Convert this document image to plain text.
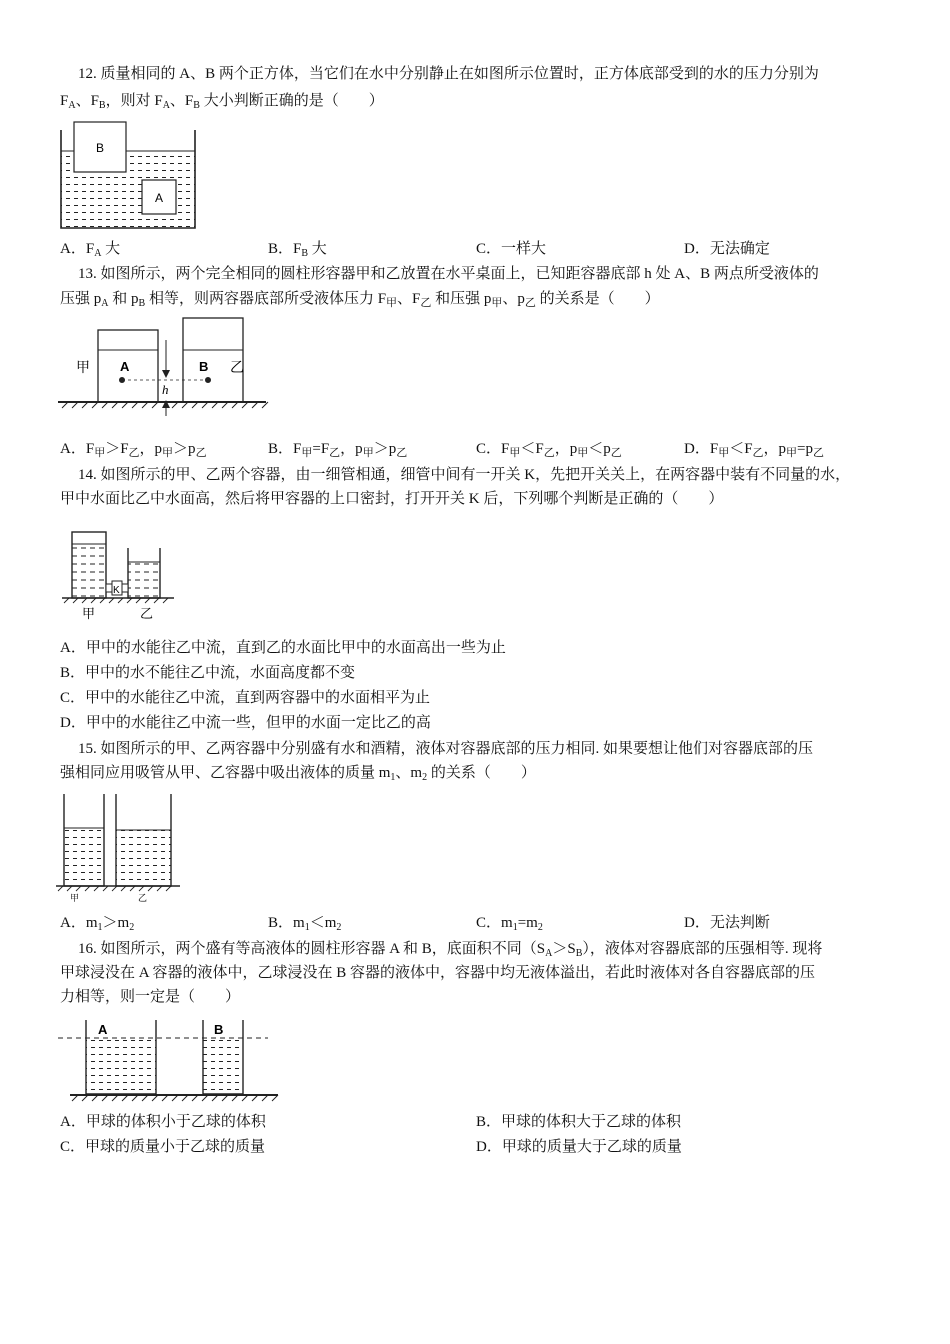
12. 质量相同的 A、B 两个正方体，当它们在水中分别静止在如图所示位置时，正方体底部受到的水的压力分别为

$F_A$、$F_B$，则对 $F_A$、$F_B$ 大小判断正确的是（　　）
B
A
A．$F_A$ 大	B．$F_B$ 大	C．一样大	D．无法确定

13. 如图所示，两个完全相同的圆柱形容器甲和乙放置在水平桌面上，已知距容器底部 h 处 A、B 两点所受液体的

压强 $p_A$ 和 $p_B$ 相等，则两容器底部所受液体压力 $F_甲$、$F_乙$ 和压强 $p_甲$、$p_乙$ 的关系是（　　）
甲	乙
A	B
h
A．$F_甲>F_乙$，$p_甲>p_乙$	B．$F_甲=F_乙$，$p_甲>p_乙$	C．$F_甲<F_乙$，$p_甲<p_乙$	D．$F_甲<F_乙$，$p_甲=p_乙$

14. 如图所示的甲、乙两个容器，由一细管相通，细管中间有一开关 K，先把开关关上，在两容器中装有不同量的水，

甲中水面比乙中水面高，然后将甲容器的上口密封，打开开关 K 后，下列哪个判断是正确的（　　）
K
甲	乙
A．甲中的水能往乙中流，直到乙的水面比甲中的水面高出一些为止
B．甲中的水不能往乙中流，水面高度都不变
C．甲中的水能往乙中流，直到两容器中的水面相平为止
D．甲中的水能往乙中流一些，但甲的水面一定比乙的高

15. 如图所示的甲、乙两容器中分别盛有水和酒精，液体对容器底部的压力相同. 如果要想让他们对容器底部的压

强相同应用吸管从甲、乙容器中吸出液体的质量 $m_1$、$m_2$ 的关系（　　）
甲	乙
A．$m_1>m_2$	B．$m_1<m_2$	C．$m_1=m_2$	D．无法判断

16. 如图所示，两个盛有等高液体的圆柱形容器 A 和 B，底面积不同$(S_A>S_B)$，液体对容器底部的压强相等. 现将

甲球浸没在 A 容器的液体中，乙球浸没在 B 容器的液体中，容器中均无液体溢出，若此时液体对各自容器底部的压
力相等，则一定是（　　）
A	B
A．甲球的体积小于乙球的体积	B．甲球的体积大于乙球的体积
C．甲球的质量小于乙球的质量	D．甲球的质量大于乙球的质量
